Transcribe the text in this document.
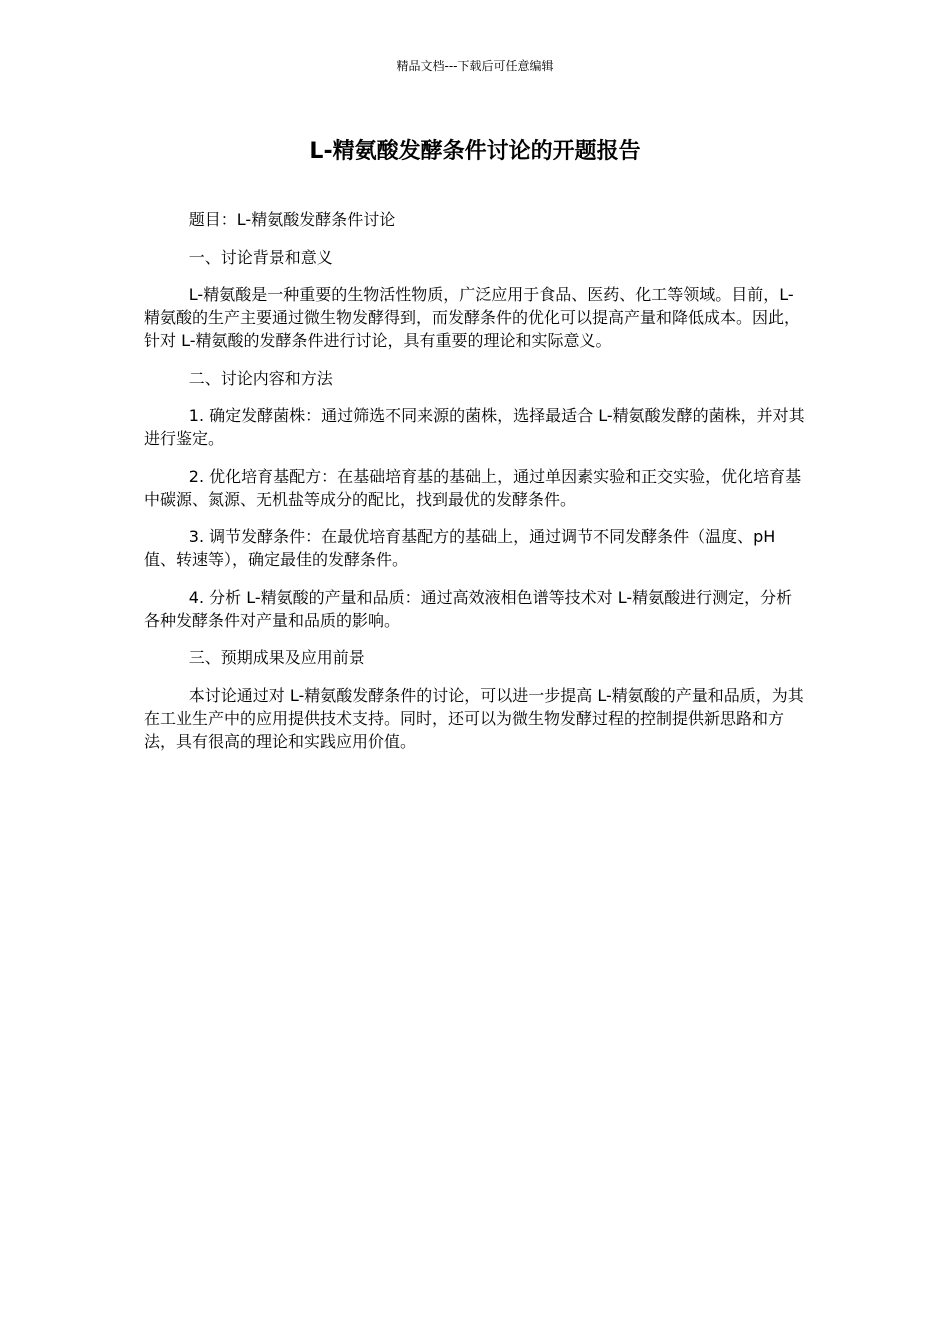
精品文档---下载后可任意编辑
L-精氨酸发酵条件讨论的开题报告

题目：L-精氨酸发酵条件讨论

一、讨论背景和意义

L-精氨酸是一种重要的生物活性物质，广泛应用于食品、医药、化工等领域。目前，L-精氨酸的生产主要通过微生物发酵得到，而发酵条件的优化可以提高产量和降低成本。因此，针对 L-精氨酸的发酵条件进行讨论，具有重要的理论和实际意义。

二、讨论内容和方法

1. 确定发酵菌株：通过筛选不同来源的菌株，选择最适合 L-精氨酸发酵的菌株，并对其进行鉴定。

2. 优化培育基配方：在基础培育基的基础上，通过单因素实验和正交实验，优化培育基中碳源、氮源、无机盐等成分的配比，找到最优的发酵条件。

3. 调节发酵条件：在最优培育基配方的基础上，通过调节不同发酵条件（温度、pH 值、转速等），确定最佳的发酵条件。

4. 分析 L-精氨酸的产量和品质：通过高效液相色谱等技术对 L-精氨酸进行测定，分析各种发酵条件对产量和品质的影响。

三、预期成果及应用前景

本讨论通过对 L-精氨酸发酵条件的讨论，可以进一步提高 L-精氨酸的产量和品质，为其在工业生产中的应用提供技术支持。同时，还可以为微生物发酵过程的控制提供新思路和方法，具有很高的理论和实践应用价值。
